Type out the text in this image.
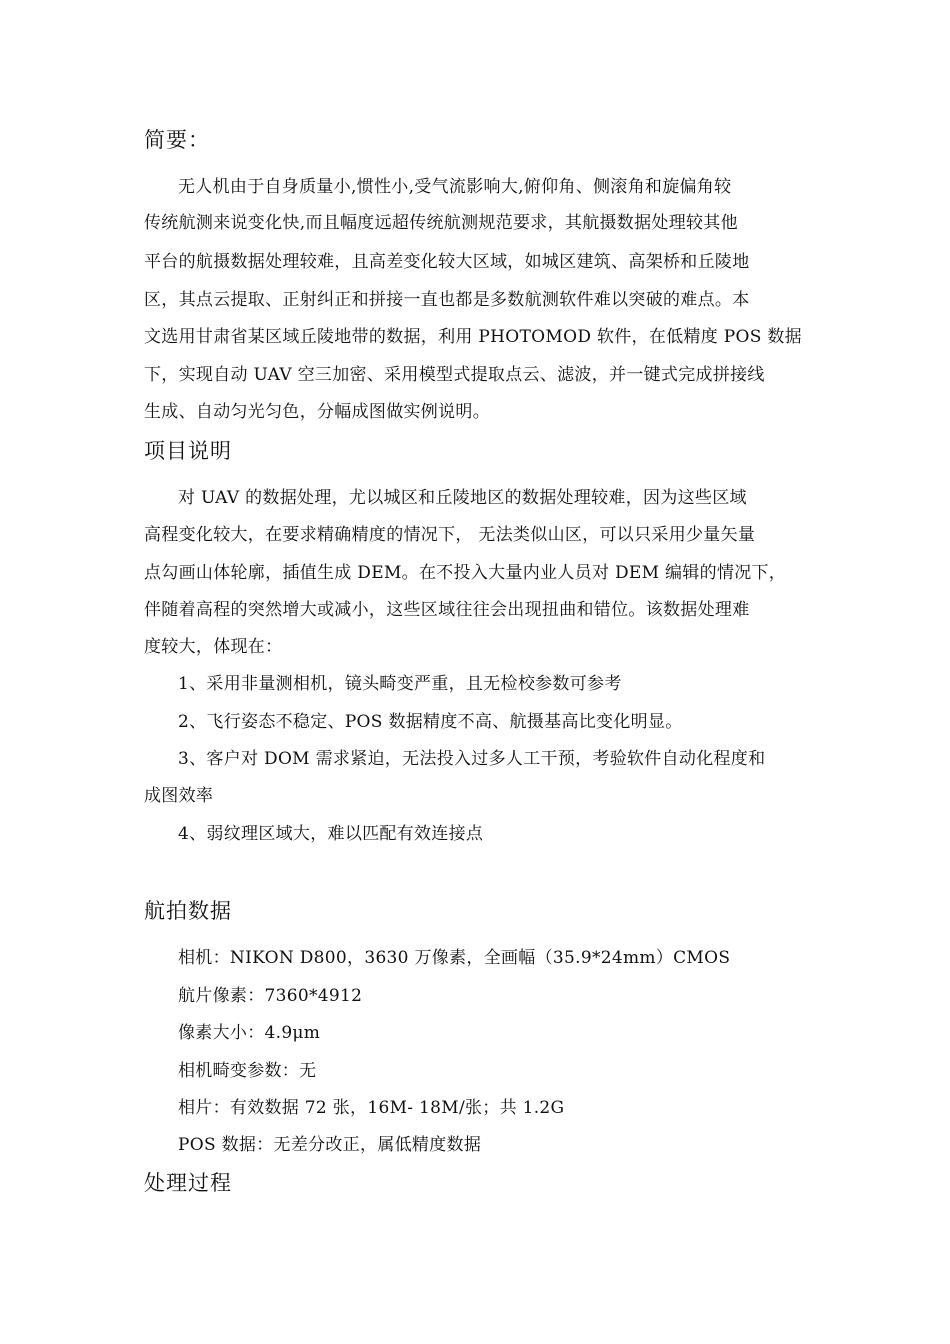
简要：
无人机由于自身质量小,惯性小,受气流影响大,俯仰角、侧滚角和旋偏角较
传统航测来说变化快,而且幅度远超传统航测规范要求，其航摄数据处理较其他
平台的航摄数据处理较难，且高差变化较大区域，如城区建筑、高架桥和丘陵地
区，其点云提取、正射纠正和拼接一直也都是多数航测软件难以突破的难点。本
文选用甘肃省某区域丘陵地带的数据，利用 PHOTOMOD 软件，在低精度 POS 数据
下，实现自动 UAV 空三加密、采用模型式提取点云、滤波，并一键式完成拼接线
生成、自动匀光匀色，分幅成图做实例说明。
项目说明
对 UAV 的数据处理，尤以城区和丘陵地区的数据处理较难，因为这些区域
高程变化较大，在要求精确精度的情况下， 无法类似山区，可以只采用少量矢量
点勾画山体轮廓，插值生成 DEM。在不投入大量内业人员对 DEM 编辑的情况下，
伴随着高程的突然增大或减小，这些区域往往会出现扭曲和错位。该数据处理难
度较大，体现在：
1、采用非量测相机，镜头畸变严重，且无检校参数可参考
2、飞行姿态不稳定、POS 数据精度不高、航摄基高比变化明显。
3、客户对 DOM 需求紧迫，无法投入过多人工干预，考验软件自动化程度和
成图效率
4、弱纹理区域大，难以匹配有效连接点
航拍数据
相机：NIKON D800，3630 万像素，全画幅（35.9*24mm）CMOS
航片像素：7360*4912
像素大小：4.9μm
相机畸变参数：无
相片：有效数据 72 张，16M- 18M/张；共 1.2G
POS 数据：无差分改正，属低精度数据
处理过程
